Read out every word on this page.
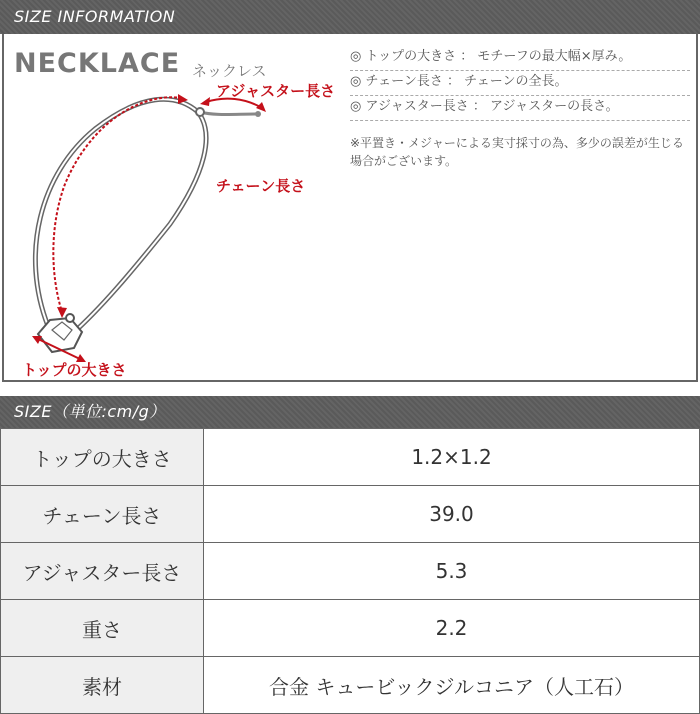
SIZE INFORMATION
NECKLACE ネックレス
アジャスター長さ
チェーン長さ
トップの大きさ
◎ トップの大きさ ： モチーフの最大幅×厚み。
◎ チェーン長さ ： チェーンの全長。
◎ アジャスター長さ ： アジャスターの長さ。
※平置き・メジャーによる実寸採寸の為、多少の誤差が生じる場合がございます。
SIZE（単位:cm/g）
トップの大きさ	1.2×1.2
チェーン長さ	39.0
アジャスター長さ	5.3
重さ	2.2
素材	合金 キュービックジルコニア（人工石）
